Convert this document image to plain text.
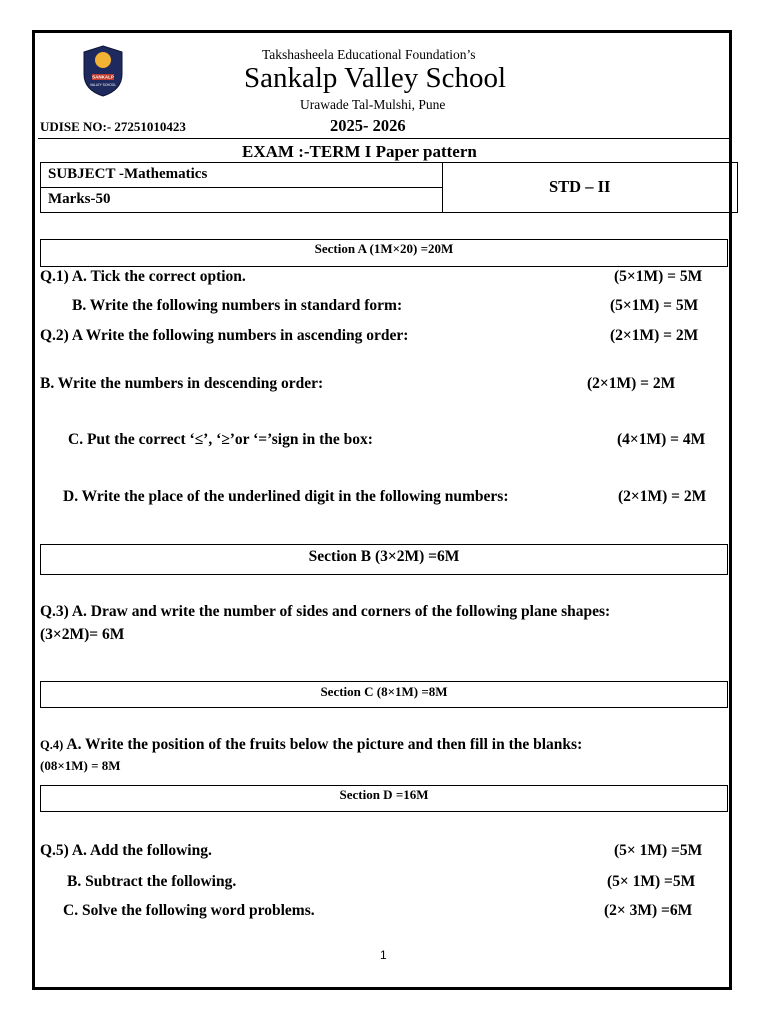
SANKALP
VALLEY SCHOOL
Takshasheela Educational Foundation’s
Sankalp Valley School
Urawade Tal-Mulshi, Pune
UDISE NO:- 27251010423	2025- 2026
EXAM :-TERM I Paper pattern
SUBJECT -Mathematics
Marks-50
STD – II
Section A (1M×20) =20M
Q.1) A. Tick the correct option.	(5×1M) = 5M
B. Write the following numbers in standard form:	(5×1M) = 5M
Q.2) A Write the following numbers in ascending order:	(2×1M) = 2M
B. Write the numbers in descending order:	(2×1M) = 2M
C. Put the correct ‘≤’, ‘≥’or ‘=’sign in the box:	(4×1M) = 4M
D. Write the place of the underlined digit in the following numbers:	(2×1M) = 2M
Section B (3×2M) =6M
Q.3) A. Draw and write the number of sides and corners of the following plane shapes:
(3×2M)= 6M
Section C (8×1M) =8M
Q.4) A. Write the position of the fruits below the picture and then fill in the blanks:
(08×1M) = 8M
Section D =16M
Q.5) A. Add the following.	(5× 1M) =5M
B. Subtract the following.	(5× 1M) =5M
C. Solve the following word problems.	(2× 3M) =6M
1
